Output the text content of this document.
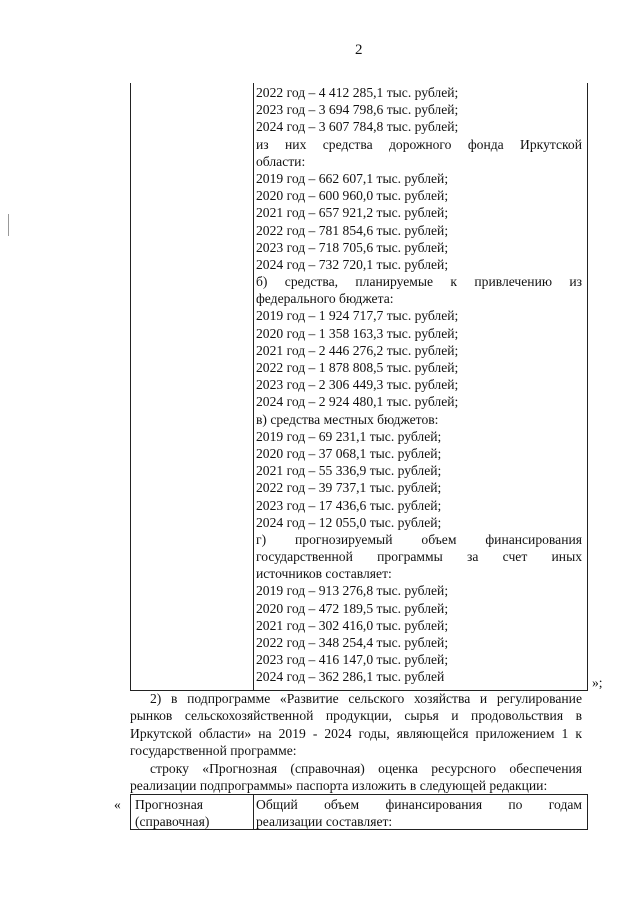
2
2022 год – 4 412 285,1 тыс. рублей;
2023 год – 3 694 798,6 тыс. рублей;
2024 год – 3 607 784,8 тыс. рублей;
из них средства дорожного фонда Иркутской
области:
2019 год – 662 607,1 тыс. рублей;
2020 год – 600 960,0 тыс. рублей;
2021 год – 657 921,2 тыс. рублей;
2022 год – 781 854,6 тыс. рублей;
2023 год – 718 705,6 тыс. рублей;
2024 год – 732 720,1 тыс. рублей;
б) средства, планируемые к привлечению из
федерального бюджета:
2019 год – 1 924 717,7 тыс. рублей;
2020 год – 1 358 163,3 тыс. рублей;
2021 год – 2 446 276,2 тыс. рублей;
2022 год – 1 878 808,5 тыс. рублей;
2023 год – 2 306 449,3 тыс. рублей;
2024 год – 2 924 480,1 тыс. рублей;
в) средства местных бюджетов:
2019 год – 69 231,1 тыс. рублей;
2020 год – 37 068,1 тыс. рублей;
2021 год – 55 336,9 тыс. рублей;
2022 год – 39 737,1 тыс. рублей;
2023 год – 17 436,6 тыс. рублей;
2024 год – 12 055,0 тыс. рублей;
г) прогнозируемый объем финансирования
государственной программы за счет иных
источников составляет:
2019 год – 913 276,8 тыс. рублей;
2020 год – 472 189,5 тыс. рублей;
2021 год – 302 416,0 тыс. рублей;
2022 год – 348 254,4 тыс. рублей;
2023 год – 416 147,0 тыс. рублей;
2024 год – 362 286,1 тыс. рублей	»;
2) в подпрограмме «Развитие сельского хозяйства и регулирование рынков сельскохозяйственной продукции, сырья и продовольствия в Иркутской области» на 2019 - 2024 годы, являющейся приложением 1 к государственной программе:
строку «Прогнозная (справочная) оценка ресурсного обеспечения реализации подпрограммы» паспорта изложить в следующей редакции:
« Прогнозная
(справочная)
Общий объем финансирования по годам
реализации составляет:
